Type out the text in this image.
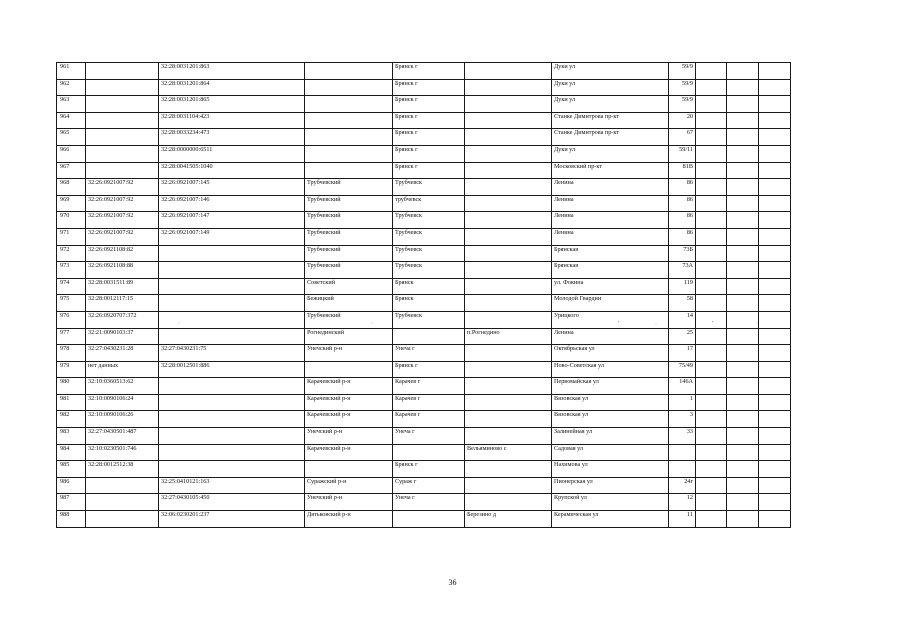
961		32:28:0031201:863		Брянск г		Дуки ул	59/9			
962		32:28:0031201:864		Брянск г		Дуки ул	59/9			
963		32:28:0031201:865		Брянск г		Дуки ул	59/9			
964		32:28:0031104:423		Брянск г		Станке Димитрова пр-кт	20			
965		32:28:0033234:473		Брянск г		Станке Димитрова пр-кт	67			
966		32:28:0000000:6511		Брянск г		Дуки ул	59/11			
967		32:28:0041505:1040		Брянск г		Московский пр-кт	81В			
968	32:26:0921007:92	32:26:0921007:145	Трубчевский	Трубчевск		Ленина	86			
969	32:26:0921007:92	32:26:0921007:146	Трубчевский	трубчевск		Ленина	86			
970	32:26:0921007:92	32:26:0921007:147	Трубчевский	Трубчевск		Ленина	86			
971	32:26:0921007:92	32:26:0921007:149	Трубчевский	Трубчевск		Ленина	86			
972	32:26:0921108:82		Трубчевский	Трубчевск		Брянская	73Б			
973	32:26:0921108:88		Трубчевский	Трубчевск		Брянская	73А			
974	32:28:0031511:89		Советский	Брянск		ул. Фокина	119			
975	32:28:0012117:15		Бежицкий	Брянск		Молодой Гвардии	58			
976	32:26:0920707:372		Трубчевский	Трубчевск		Урицкого	14			
977	32:21:0090103:37		Рогнединский		п.Рогнедино	Ленина	25			
978	32:27:0430231:28	32:27:0430231:75	Унечский р-н	Унеча г		Октябрьская ул	17			
979	нет данных	32:28:0012501:886		Брянск г		Ново-Советская ул	75/49			
980	32:10:0360513:62		Карачевский р-н	Карачев г		Первомайская ул	146А			
981	32:10:0090106:24		Карачевский р-н	Карачев г		Вязовская ул	1			
982	32:10:0090106:26		Карачевский р-н	Карачев г		Вязовская ул	3			
983	32:27:0430501:487		Унечский р-н	Унеча г		Залинейная ул	33			
984	32:10:0230501:746		Карачевский р-н		Вельяминово с	Садовая ул				
985	32:28:0012512:38			Брянск г		Нахимова ул				
986		32:25:0410121:163	Суражский р-н	Сураж г		Пионерская ул	24г			
987		32:27:0430105:450	Унечский р-н	Унеча г		Крупской ул	12			
988		32:06:0230201:237	Дятьковский р-н		Березино д	Керамическая ул	11			
·	·	'	·	'	·
36
